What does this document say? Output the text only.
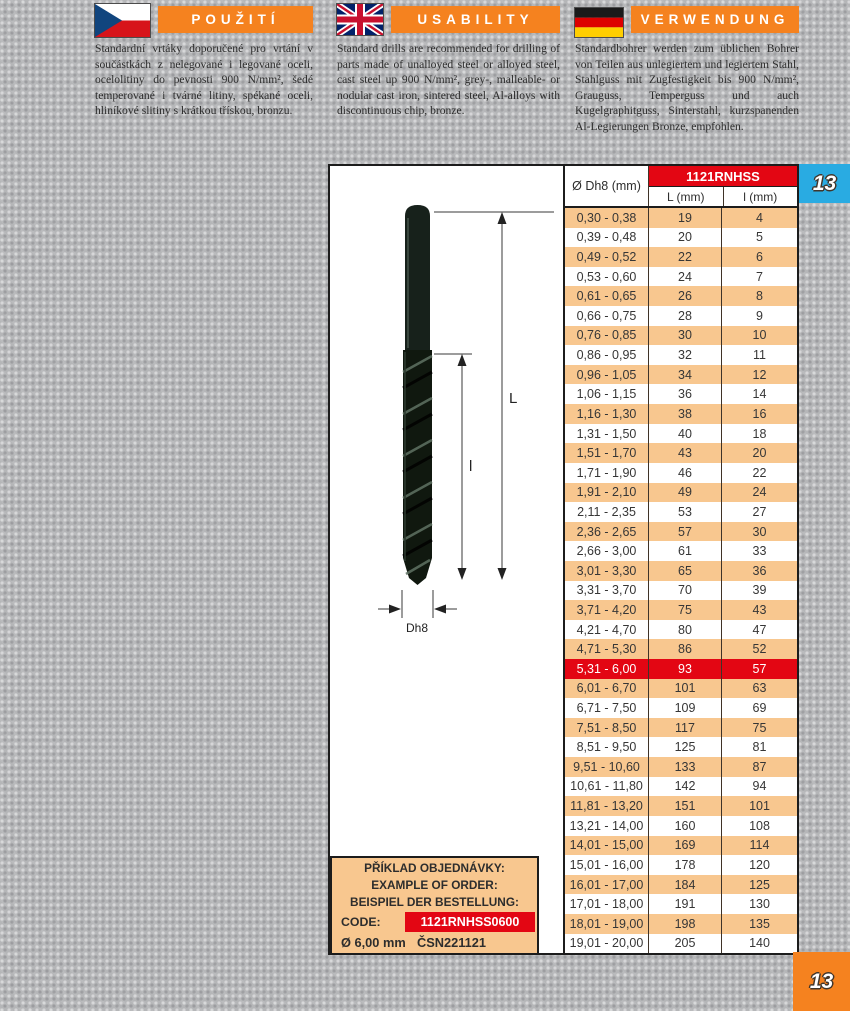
POUŽITÍ
Standardní vrtáky doporučené pro vrtání v součástkách z nelegované i legované oceli, ocelolitiny do pevnosti 900 N/mm², šedé temperované i tvárné litiny, spékané oceli, hliníkové slitiny s krátkou třískou, bronzu.
USABILITY
Standard drills are recommended for drilling of parts made of unalloyed steel or alloyed steel, cast steel up 900 N/mm², grey-, malleable- or nodular cast iron, sintered steel, Al-alloys with discontinuous chip, bronze.
VERWENDUNG
Standardbohrer werden zum üblichen Bohrer von Teilen aus unlegiertem und legiertem Stahl, Stahlguss mit Zugfestigkeit bis 900 N/mm², Grauguss, Temperguss und auch Kugelgraphitguss, Sinterstahl, kurzspanenden Al-Legierungen Bronze, empfohlen.
L
l
Dh8
Ø Dh8 (mm)
1121RNHSS
L (mm)	l (mm)
0,30 - 0,38	19	4
0,39 - 0,48	20	5
0,49 - 0,52	22	6
0,53 - 0,60	24	7
0,61 - 0,65	26	8
0,66 - 0,75	28	9
0,76 - 0,85	30	10
0,86 - 0,95	32	11
0,96 - 1,05	34	12
1,06 - 1,15	36	14
1,16 - 1,30	38	16
1,31 - 1,50	40	18
1,51 - 1,70	43	20
1,71 - 1,90	46	22
1,91 - 2,10	49	24
2,11 - 2,35	53	27
2,36 - 2,65	57	30
2,66 - 3,00	61	33
3,01 - 3,30	65	36
3,31 - 3,70	70	39
3,71 - 4,20	75	43
4,21 - 4,70	80	47
4,71 - 5,30	86	52
5,31 - 6,00	93	57
6,01 - 6,70	101	63
6,71 - 7,50	109	69
7,51 - 8,50	117	75
8,51 - 9,50	125	81
9,51 - 10,60	133	87
10,61 - 11,80	142	94
11,81 - 13,20	151	101
13,21 - 14,00	160	108
14,01 - 15,00	169	114
15,01 - 16,00	178	120
16,01 - 17,00	184	125
17,01 - 18,00	191	130
18,01 - 19,00	198	135
19,01 - 20,00	205	140
PŘÍKLAD OBJEDNÁVKY:
EXAMPLE OF ORDER:
BEISPIEL DER BESTELLUNG:
CODE:	1121RNHSS0600
Ø 6,00 mm ČSN221121
13
13
